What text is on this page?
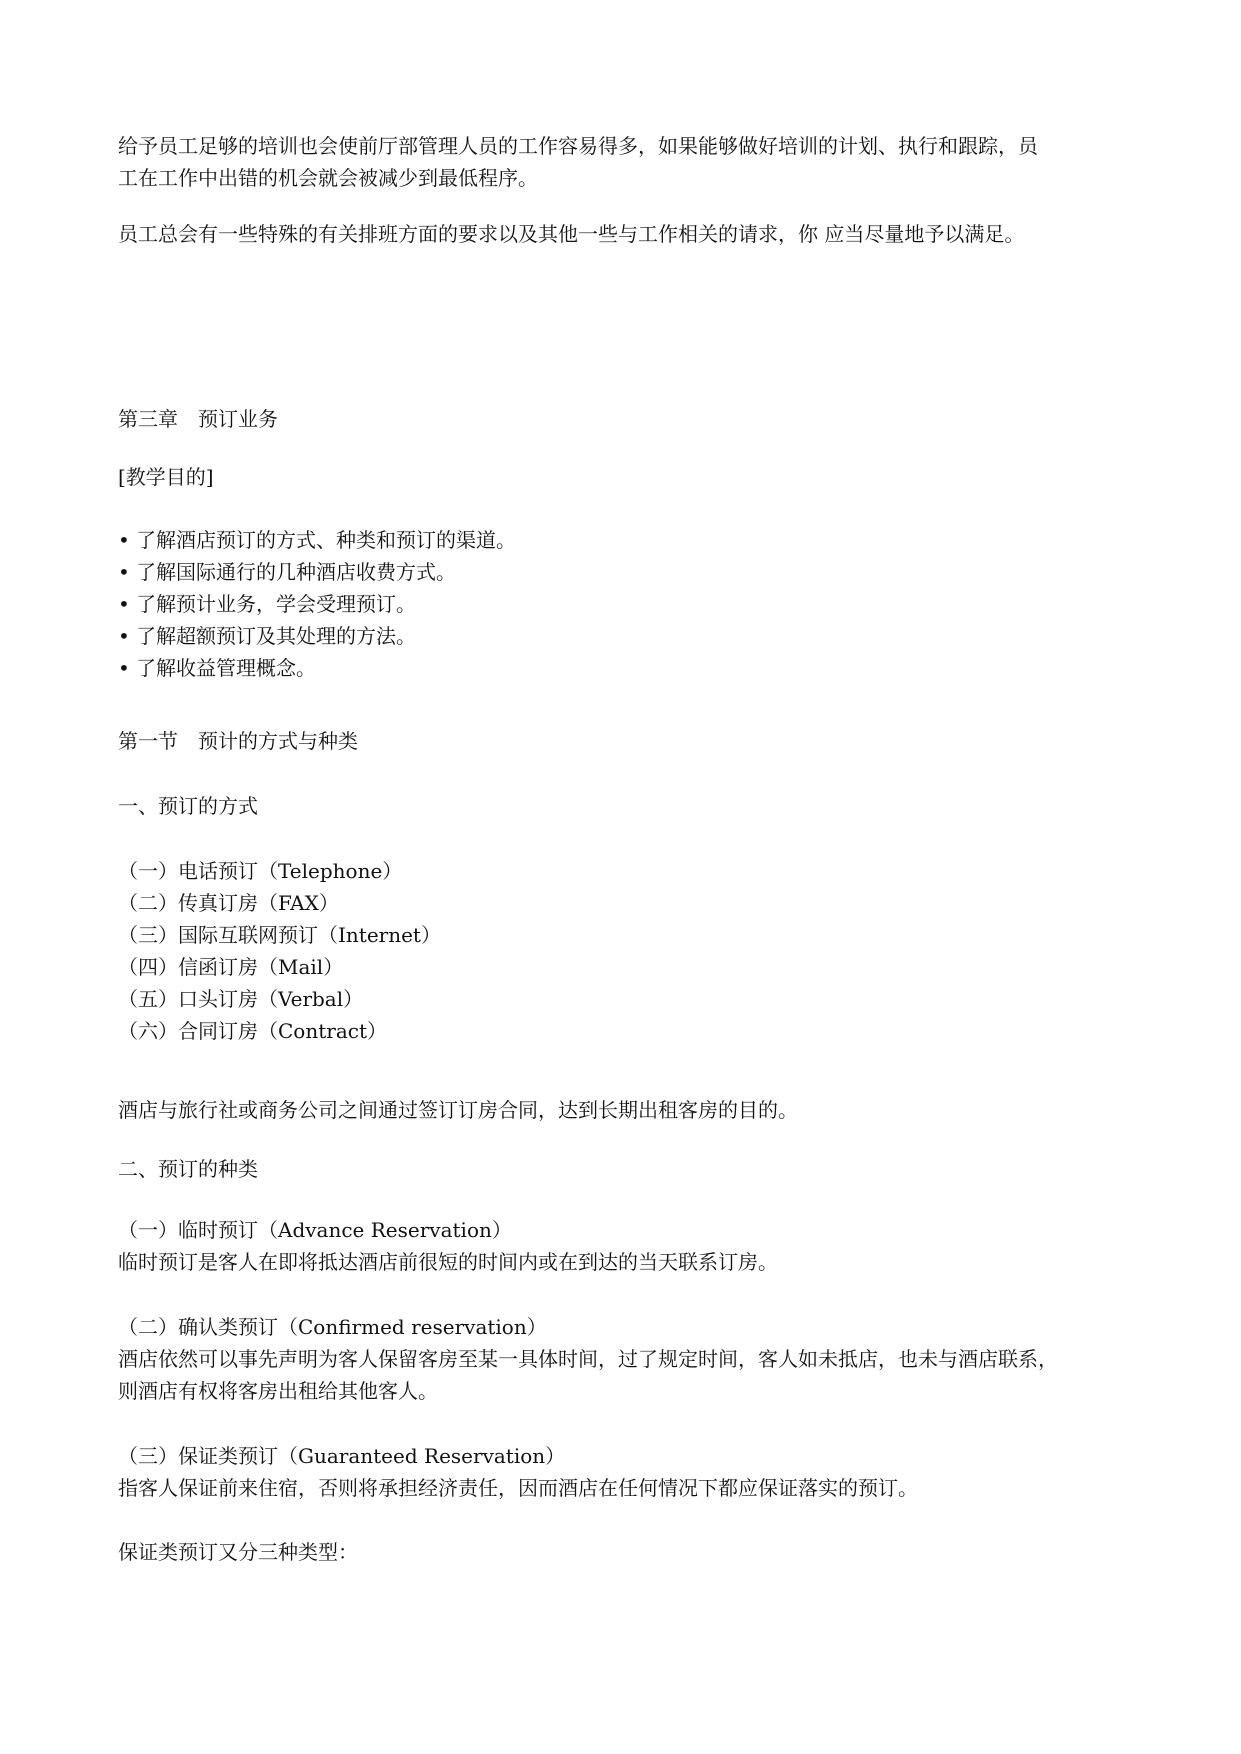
给予员工足够的培训也会使前厅部管理人员的工作容易得多，如果能够做好培训的计划、执行和跟踪，员
工在工作中出错的机会就会被减少到最低程序。

员工总会有一些特殊的有关排班方面的要求以及其他一些与工作相关的请求，你 应当尽量地予以满足。

第三章　预订业务

[教学目的]

• 了解酒店预订的方式、种类和预订的渠道。
• 了解国际通行的几种酒店收费方式。
• 了解预计业务，学会受理预订。
• 了解超额预订及其处理的方法。
• 了解收益管理概念。

第一节　预计的方式与种类

一、预订的方式

（一）电话预订（Telephone）
（二）传真订房（FAX）
（三）国际互联网预订（Internet）
（四）信函订房（Mail）
（五）口头订房（Verbal）
（六）合同订房（Contract）

酒店与旅行社或商务公司之间通过签订订房合同，达到长期出租客房的目的。

二、预订的种类

（一）临时预订（Advance Reservation）
临时预订是客人在即将抵达酒店前很短的时间内或在到达的当天联系订房。
（二）确认类预订（Confirmed reservation）
酒店依然可以事先声明为客人保留客房至某一具体时间，过了规定时间，客人如未抵店，也未与酒店联系，
则酒店有权将客房出租给其他客人。
（三）保证类预订（Guaranteed Reservation）
指客人保证前来住宿，否则将承担经济责任，因而酒店在任何情况下都应保证落实的预订。

保证类预订又分三种类型：
